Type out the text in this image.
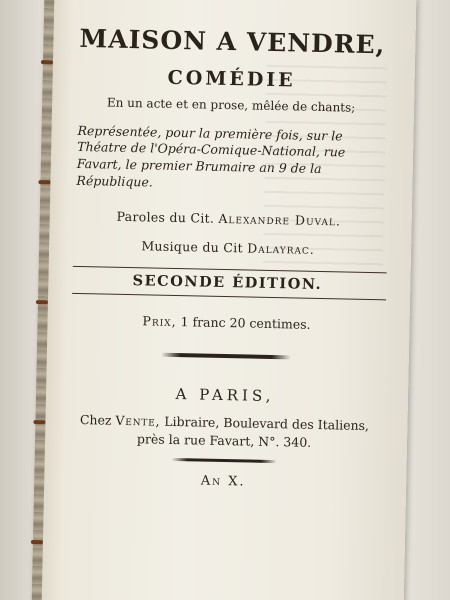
MAISON A VENDRE,
COMÉDIE
En un acte et en prose, mêlée de chants;
Représentée, pour la première fois, sur le Théatre de l'Opéra-Comique-National, rue Favart, le premier Brumaire an 9 de la République.
Paroles du Cit. Alexandre Duval.
Musique du Cit Dalayrac.
SECONDE ÉDITION.
Prix, 1 franc 20 centimes.
A PARIS,
Chez Vente, Libraire, Boulevard des Italiens,
près la rue Favart, N°. 340.
An X.
